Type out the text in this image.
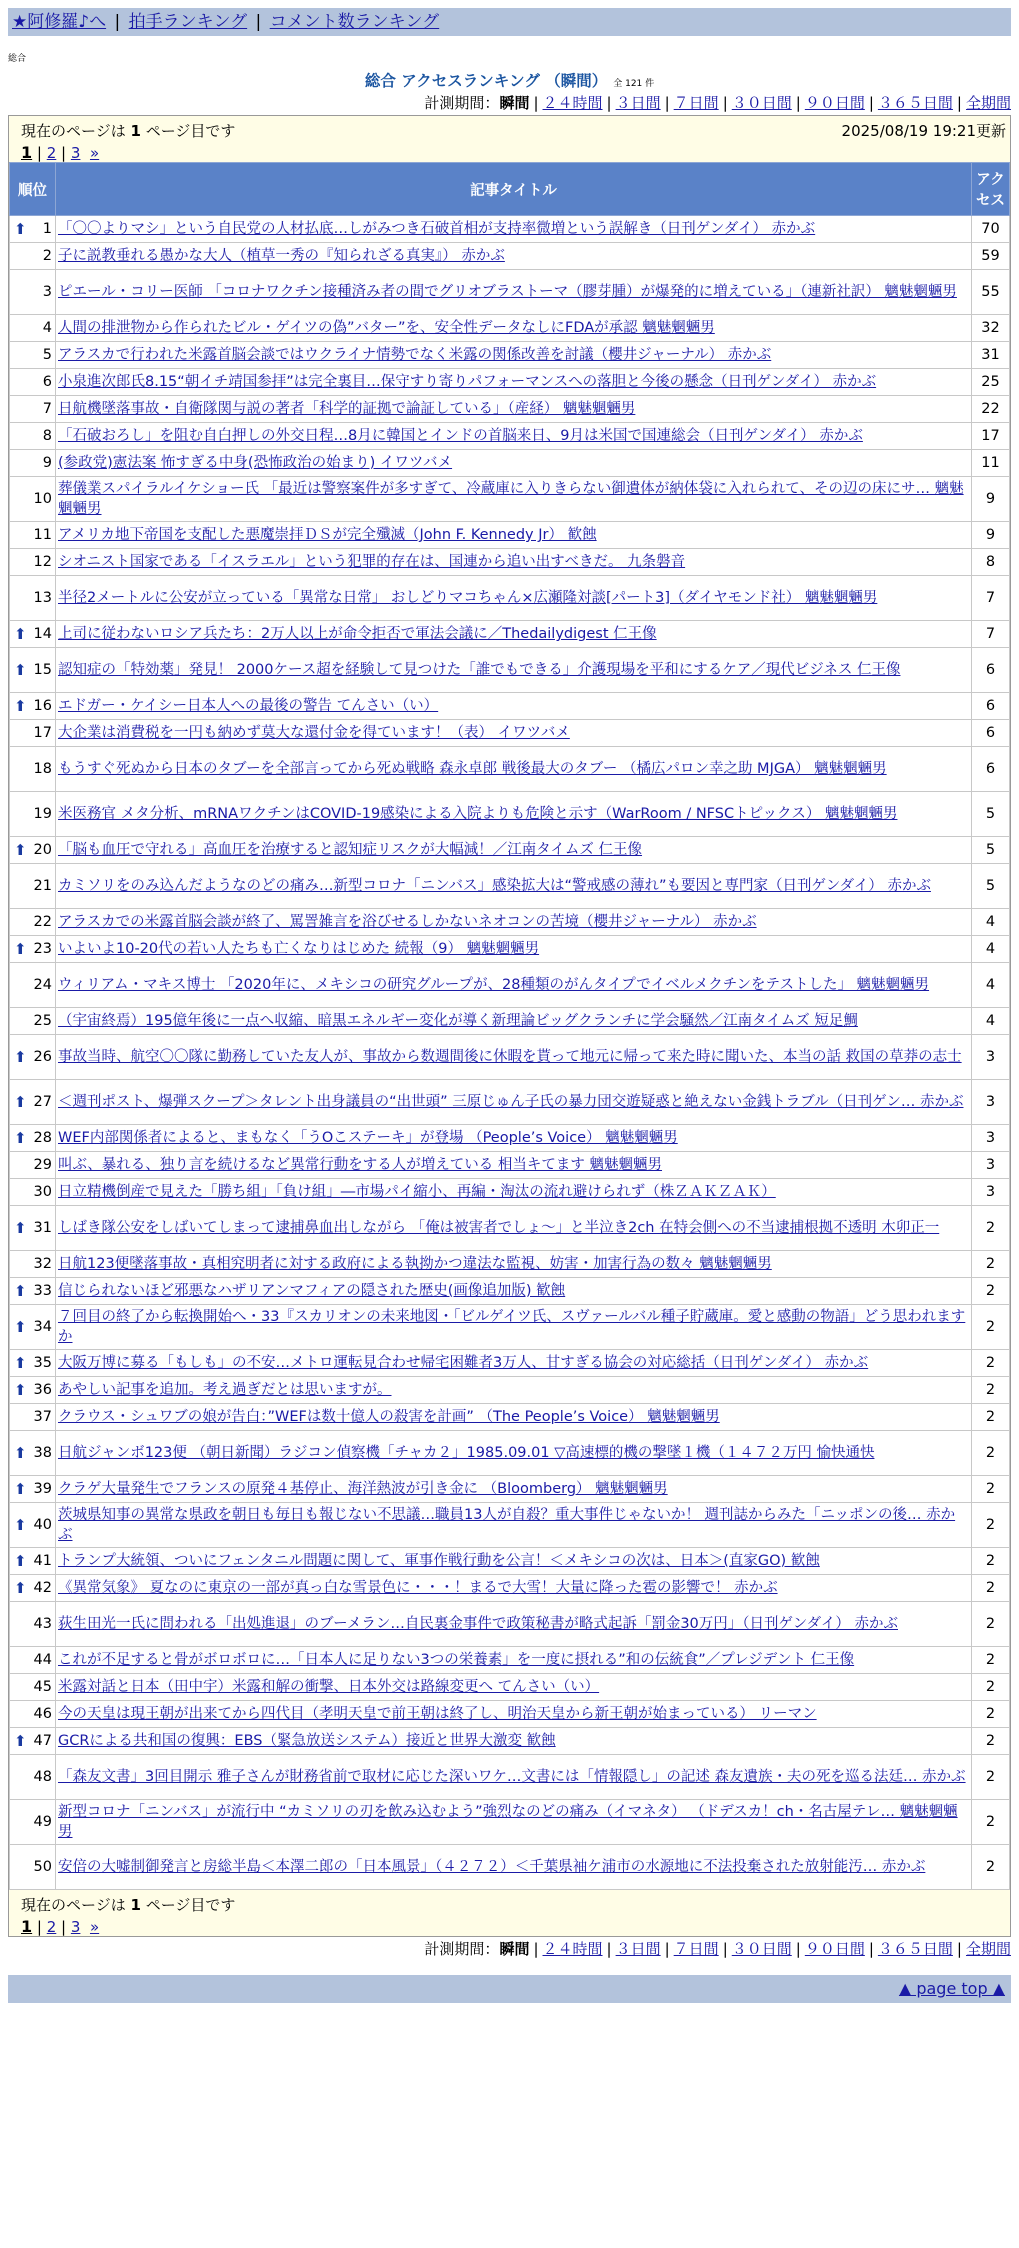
★阿修羅♪へ | 拍手ランキング | コメント数ランキング
総合
総合 アクセスランキング （瞬間） 全 121 件
計測期間：瞬間 | ２４時間 | ３日間 | ７日間 | ３０日間 | ９０日間 | ３６５日間 | 全期間
現在のページは 1 ページ目です	2025/08/19 19:21更新
1 | 2 | 3 »
順位	記事タイトル	アクセス

⬆ 1	「〇〇よりマシ」という自民党の人材払底…しがみつき石破首相が支持率微増という誤解き（日刊ゲンダイ） 赤かぶ	70
2	子に説教垂れる愚かな大人（植草一秀の『知られざる真実』） 赤かぶ	59
3	ピエール・コリー医師 「コロナワクチン接種済み者の間でグリオブラストーマ（膠芽腫）が爆発的に増えている」（連新社訳） 魑魅魍魎男	55
4	人間の排泄物から作られたビル・ゲイツの偽”バター”を、安全性データなしにFDAが承認 魑魅魍魎男	32
5	アラスカで行われた米露首脳会談ではウクライナ情勢でなく米露の関係改善を討議（櫻井ジャーナル） 赤かぶ	31
6	小泉進次郎氏8.15“朝イチ靖国参拝”は完全裏目…保守すり寄りパフォーマンスへの落胆と今後の懸念（日刊ゲンダイ） 赤かぶ	25
7	日航機墜落事故・自衛隊関与説の著者「科学的証拠で論証している」（産経） 魑魅魍魎男	22
8	「石破おろし」を阻む自白押しの外交日程…8月に韓国とインドの首脳来日、9月は米国で国連総会（日刊ゲンダイ） 赤かぶ	17
9	(参政党)憲法案 怖すぎる中身(恐怖政治の始まり) イワツバメ	11
10	葬儀業スパイラルイケショー氏 「最近は警察案件が多すぎて、冷蔵庫に入りきらない御遺体が納体袋に入れられて、その辺の床にサ… 魑魅魍魎男	9
11	アメリカ地下帝国を支配した悪魔崇拝ＤＳが完全殲滅（John F. Kennedy Jr） 歓蝕	9
12	シオニスト国家である「イスラエル」という犯罪的存在は、国連から追い出すべきだ。 九条磐音	8
13	半径2メートルに公安が立っている「異常な日常」 おしどりマコちゃん×広瀬隆対談[パート3]（ダイヤモンド社） 魑魅魍魎男	7

⬆ 14	上司に従わないロシア兵たち：2万人以上が命令拒否で軍法会議に／Thedailydigest 仁王像	7

⬆ 15	認知症の「特効薬」発見！ 2000ケース超を経験して見つけた「誰でもできる」介護現場を平和にするケア／現代ビジネス 仁王像	6

⬆ 16	エドガー・ケイシー日本人への最後の警告 てんさい（い）	6
17	大企業は消費税を一円も納めず莫大な還付金を得ています！（表） イワツバメ	6
18	もうすぐ死ぬから日本のタブーを全部言ってから死ぬ戦略 森永卓郎 戦後最大のタブー （橘広パロン幸之助 MJGA） 魑魅魍魎男	6
19	米医務官 メタ分析、mRNAワクチンはCOVID-19感染による入院よりも危険と示す（WarRoom / NFSCトピックス） 魑魅魍魎男	5

⬆ 20	「脳も血圧で守れる」高血圧を治療すると認知症リスクが大幅減！／江南タイムズ 仁王像	5
21	カミソリをのみ込んだようなのどの痛み…新型コロナ「ニンバス」感染拡大は“警戒感の薄れ”も要因と専門家（日刊ゲンダイ） 赤かぶ	5
22	アラスカでの米露首脳会談が終了、罵詈雑言を浴びせるしかないネオコンの苦境（櫻井ジャーナル） 赤かぶ	4

⬆ 23	いよいよ10-20代の若い人たちも亡くなりはじめた 続報（9） 魑魅魍魎男	4
24	ウィリアム・マキス博士 「2020年に、メキシコの研究グループが、28種類のがんタイプでイベルメクチンをテストした」 魑魅魍魎男	4
25	（宇宙終焉）195億年後に一点へ収縮、暗黒エネルギー変化が導く新理論ビッグクランチに学会騒然／江南タイムズ 短足鯛	4

⬆ 26	事故当時、航空〇〇隊に勤務していた友人が、事故から数週間後に休暇を貰って地元に帰って来た時に聞いた、本当の話 救国の草莽の志士	3

⬆ 27	＜週刊ポスト、爆弾スクープ＞タレント出身議員の“出世頭” 三原じゅん子氏の暴力団交遊疑惑と絶えない金銭トラブル（日刊ゲン… 赤かぶ	3

⬆ 28	WEF内部関係者によると、まもなく「うOこステーキ」が登場 （People’s Voice） 魑魅魍魎男	3
29	叫ぶ、暴れる、独り言を続けるなど異常行動をする人が増えている 相当キてます 魑魅魍魎男	3
30	日立精機倒産で見えた「勝ち組」「負け組」―市場パイ縮小、再編・淘汰の流れ避けられず（株ＺＡＫＺＡＫ）	3

⬆ 31	しばき隊公安をしばいてしまって逮捕鼻血出しながら 「俺は被害者でしょ～」と半泣き2ch 在特会側への不当逮捕根拠不透明 木卯正一	2
32	日航123便墜落事故・真相究明者に対する政府による執拗かつ違法な監視、妨害・加害行為の数々 魑魅魍魎男	2

⬆ 33	信じられないほど邪悪なハザリアンマフィアの隠された歴史(画像追加版) 歓蝕	2

⬆ 34	７回目の終了から転換開始へ・33『スカリオンの未来地図・「ビルゲイツ氏、スヴァールバル種子貯蔵庫。愛と感動の物語」どう思われますか	2

⬆ 35	大阪万博に募る「もしも」の不安…メトロ運転見合わせ帰宅困難者3万人、甘すぎる協会の対応総括（日刊ゲンダイ） 赤かぶ	2

⬆ 36	あやしい記事を追加。考え過ぎだとは思いますが。	2
37	クラウス・シュワブの娘が告白：”WEFは数十億人の殺害を計画” （The People’s Voice） 魑魅魍魎男	2

⬆ 38	日航ジャンボ123便 （朝日新聞）ラジコン偵察機「チャカ２」1985.09.01 ▽高速標的機の撃墜１機（１４７２万円 愉快通快	2

⬆ 39	クラゲ大量発生でフランスの原発４基停止、海洋熱波が引き金に （Bloomberg） 魑魅魍魎男	2

⬆ 40	茨城県知事の異常な県政を朝日も毎日も報じない不思議…職員13人が自殺？重大事件じゃないか！ 週刊誌からみた「ニッポンの後… 赤かぶ	2

⬆ 41	トランプ大統領、ついにフェンタニル問題に関して、軍事作戦行動を公言！＜メキシコの次は、日本＞(直家GO) 歓蝕	2

⬆ 42	《異常気象》 夏なのに東京の一部が真っ白な雪景色に・・・！まるで大雪！大量に降った雹の影響で！ 赤かぶ	2
43	荻生田光一氏に問われる「出処進退」のブーメラン…自民裏金事件で政策秘書が略式起訴「罰金30万円」（日刊ゲンダイ） 赤かぶ	2
44	これが不足すると骨がボロボロに…「日本人に足りない3つの栄養素」を一度に摂れる”和の伝統食”／プレジデント 仁王像	2
45	米露対話と日本（田中宇）米露和解の衝撃、日本外交は路線変更へ てんさい（い）	2
46	今の天皇は現王朝が出来てから四代目（孝明天皇で前王朝は終了し、明治天皇から新王朝が始まっている） リーマン	2

⬆ 47	GCRによる共和国の復興：EBS（緊急放送システム）接近と世界大激変 歓蝕	2
48	「森友文書」3回目開示 雅子さんが財務省前で取材に応じた深いワケ…文書には「情報隠し」の記述 森友遺族・夫の死を巡る法廷… 赤かぶ	2
49	新型コロナ「ニンバス」が流行中 “カミソリの刃を飲み込むよう”強烈なのどの痛み（イマネタ） （ドデスカ！ch・名古屋テレ… 魑魅魍魎男	2
50	安倍の大嘘制御発言と房総半島＜本澤二郎の「日本風景」（４２７２）＜千葉県袖ケ浦市の水源地に不法投棄された放射能汚… 赤かぶ	2
現在のページは 1 ページ目です
1 | 2 | 3 »
計測期間：瞬間 | ２４時間 | ３日間 | ７日間 | ３０日間 | ９０日間 | ３６５日間 | 全期間
▲ page top ▲
